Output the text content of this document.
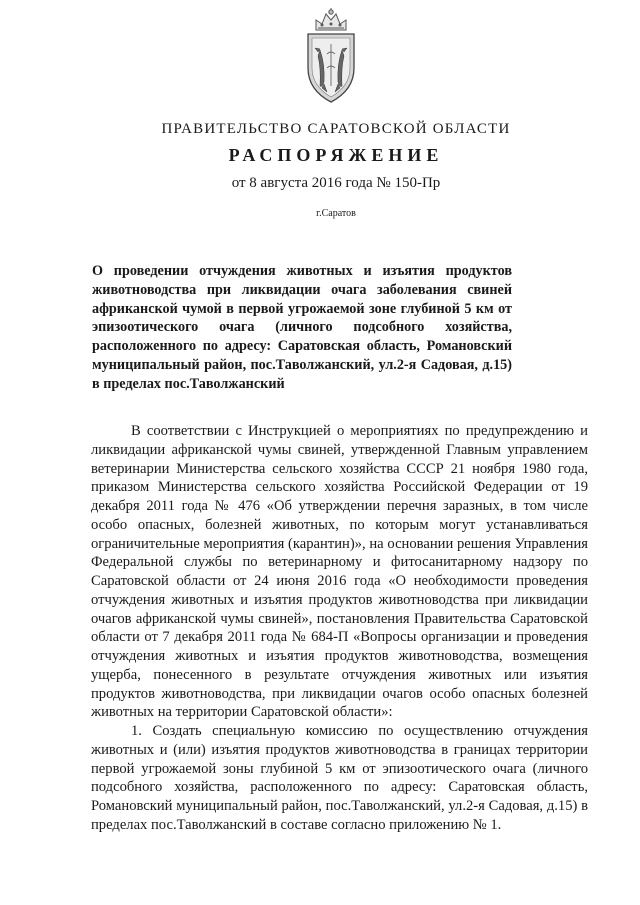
ПРАВИТЕЛЬСТВО САРАТОВСКОЙ ОБЛАСТИ
РАСПОРЯЖЕНИЕ
от 8 августа 2016 года № 150-Пр
г.Саратов
О проведении отчуждения животных и изъятия продуктов животноводства при ликвидации очага заболевания свиней африканской чумой в первой угрожаемой зоне глубиной 5 км от эпизоотического очага (личного подсобного хозяйства, расположенного по адресу: Саратовская область, Романовский муниципальный район, пос.Таволжанский, ул.2-я Садовая, д.15) в пределах пос.Таволжанский

В соответствии с Инструкцией о мероприятиях по предупреждению и ликвидации африканской чумы свиней, утвержденной Главным управлением ветеринарии Министерства сельского хозяйства СССР 21 ноября 1980 года, приказом Министерства сельского хозяйства Российской Федерации от 19 декабря 2011 года № 476 «Об утверждении перечня заразных, в том числе особо опасных, болезней животных, по которым могут устанавливаться ограничительные мероприятия (карантин)», на основании решения Управления Федеральной службы по ветеринарному и фитосанитарному надзору по Саратовской области от 24 июня 2016 года «О необходимости проведения отчуждения животных и изъятия продуктов животноводства при ликвидации очагов африканской чумы свиней», постановления Правительства Саратовской области от 7 декабря 2011 года № 684-П «Вопросы организации и проведения отчуждения животных и изъятия продуктов животноводства, возмещения ущерба, понесенного в результате отчуждения животных или изъятия продуктов животноводства, при ликвидации очагов особо опасных болезней животных на территории Саратовской области»:

1. Создать специальную комиссию по осуществлению отчуждения животных и (или) изъятия продуктов животноводства в границах территории первой угрожаемой зоны глубиной 5 км от эпизоотического очага (личного подсобного хозяйства, расположенного по адресу: Саратовская область, Романовский муниципальный район, пос.Таволжанский, ул.2-я Садовая, д.15) в пределах пос.Таволжанский в составе согласно приложению № 1.
